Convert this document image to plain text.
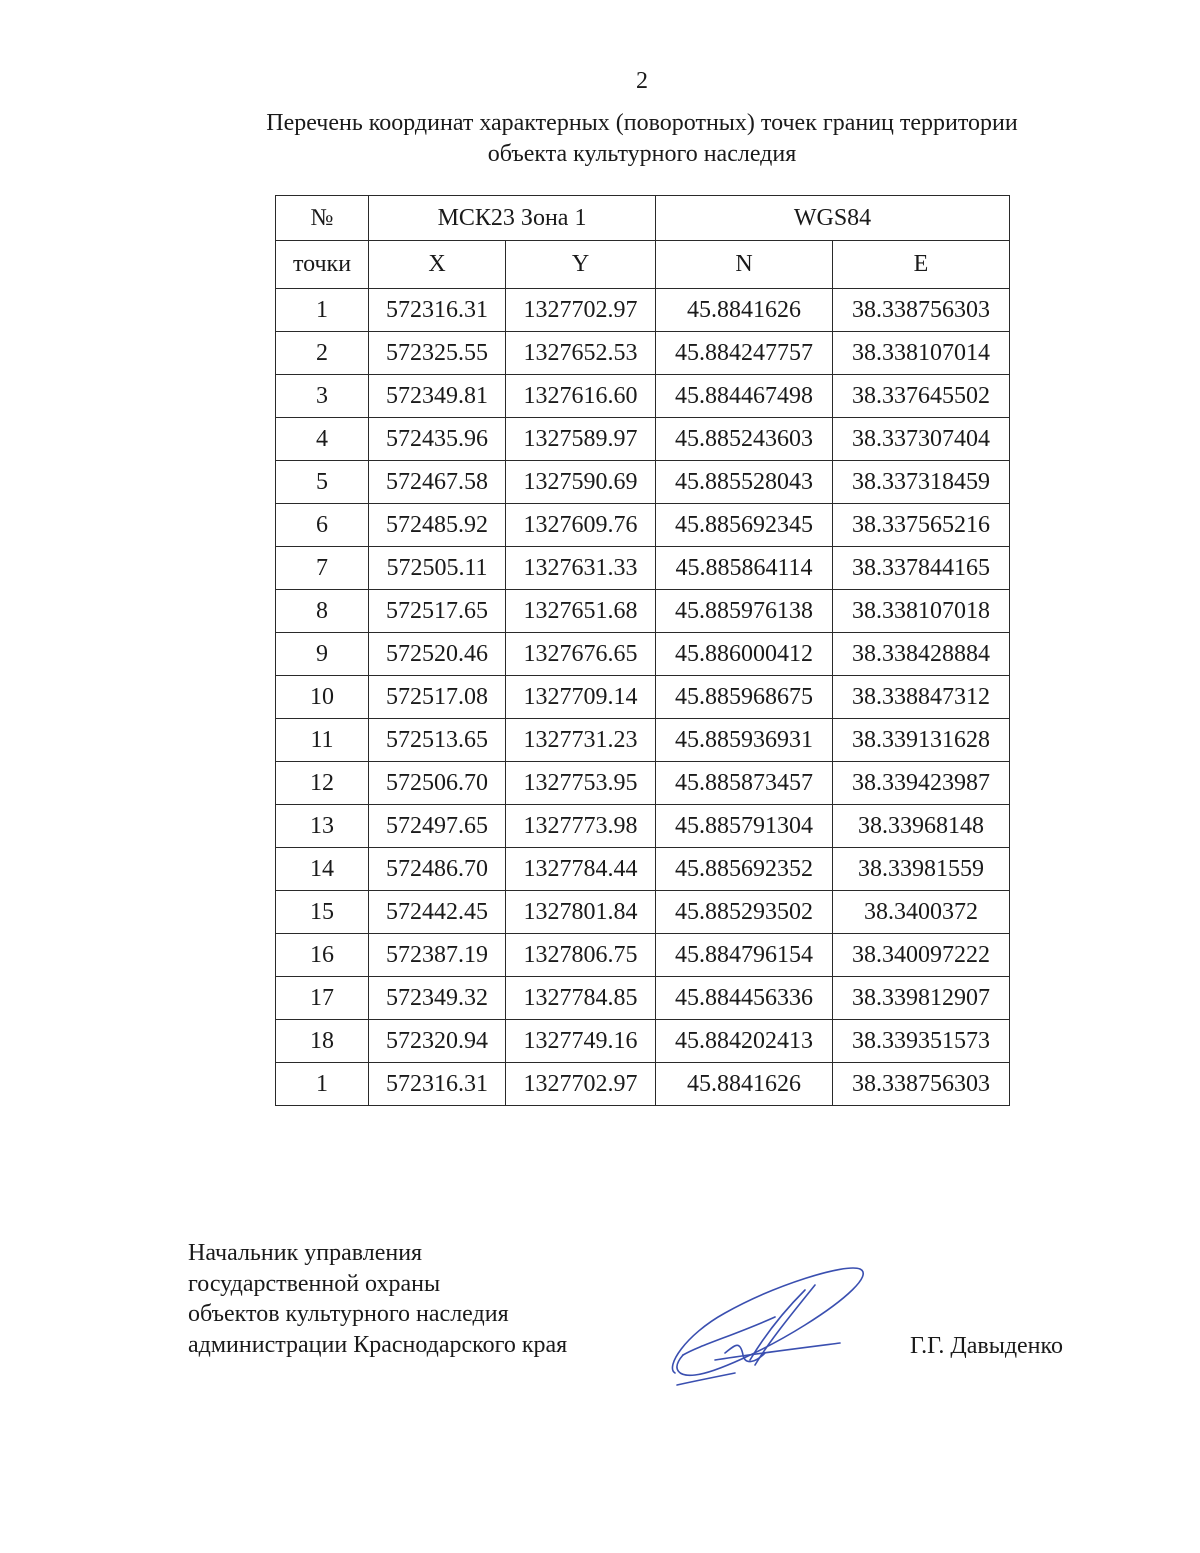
2
Перечень координат характерных (поворотных) точек границ территории
объекта культурного наследия
№	МСК23 Зона 1		WGS84	
точки	X	Y	N	E
1	572316.31	1327702.97	45.8841626	38.338756303
2	572325.55	1327652.53	45.884247757	38.338107014
3	572349.81	1327616.60	45.884467498	38.337645502
4	572435.96	1327589.97	45.885243603	38.337307404
5	572467.58	1327590.69	45.885528043	38.337318459
6	572485.92	1327609.76	45.885692345	38.337565216
7	572505.11	1327631.33	45.885864114	38.337844165
8	572517.65	1327651.68	45.885976138	38.338107018
9	572520.46	1327676.65	45.886000412	38.338428884
10	572517.08	1327709.14	45.885968675	38.338847312
11	572513.65	1327731.23	45.885936931	38.339131628
12	572506.70	1327753.95	45.885873457	38.339423987
13	572497.65	1327773.98	45.885791304	38.33968148
14	572486.70	1327784.44	45.885692352	38.33981559
15	572442.45	1327801.84	45.885293502	38.3400372
16	572387.19	1327806.75	45.884796154	38.340097222
17	572349.32	1327784.85	45.884456336	38.339812907
18	572320.94	1327749.16	45.884202413	38.339351573
1	572316.31	1327702.97	45.8841626	38.338756303
Начальник управления
государственной охраны
объектов культурного наследия
администрации Краснодарского края	Г.Г. Давыденко
